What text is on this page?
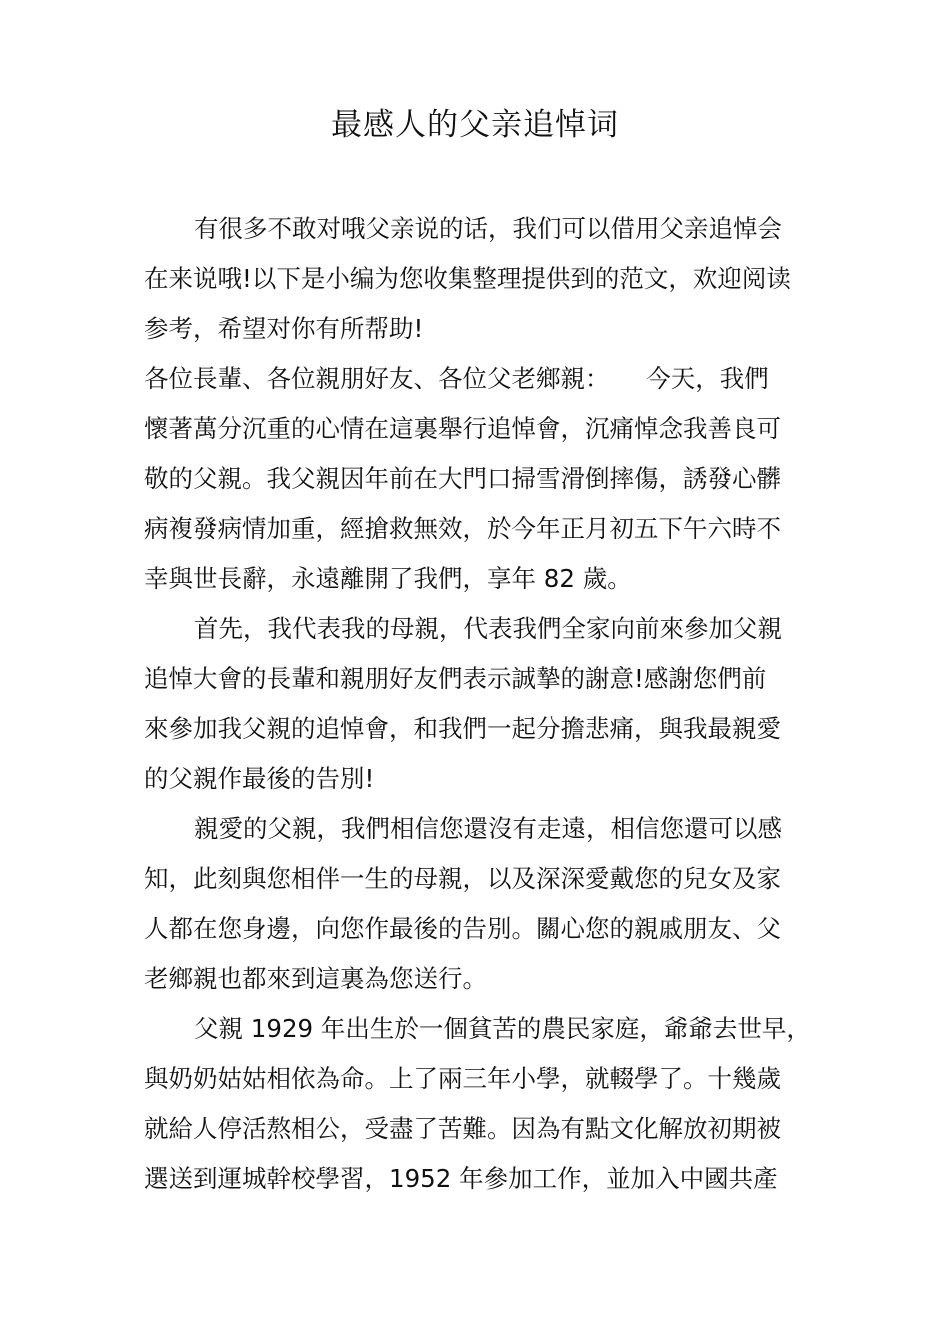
最感人的父亲追悼词
有很多不敢对哦父亲说的话，我们可以借用父亲追悼会
在来说哦!以下是小编为您收集整理提供到的范文，欢迎阅读
参考，希望对你有所帮助!
各位長輩、各位親朋好友、各位父老鄉親：　　今天，我們
懷著萬分沉重的心情在這裏舉行追悼會，沉痛悼念我善良可
敬的父親。我父親因年前在大門口掃雪滑倒摔傷，誘發心髒
病複發病情加重，經搶救無效，於今年正月初五下午六時不
幸與世長辭，永遠離開了我們，享年 82 歲。
首先，我代表我的母親，代表我們全家向前來參加父親
追悼大會的長輩和親朋好友們表示誠摯的謝意!感謝您們前
來參加我父親的追悼會，和我們一起分擔悲痛，與我最親愛
的父親作最後的告別!
親愛的父親，我們相信您還沒有走遠，相信您還可以感
知，此刻與您相伴一生的母親，以及深深愛戴您的兒女及家
人都在您身邊，向您作最後的告別。關心您的親戚朋友、父
老鄉親也都來到這裏為您送行。
父親 1929 年出生於一個貧苦的農民家庭，爺爺去世早，
與奶奶姑姑相依為命。上了兩三年小學，就輟學了。十幾歲
就給人停活熬相公，受盡了苦難。因為有點文化解放初期被
選送到運城幹校學習，1952 年參加工作，並加入中國共產
